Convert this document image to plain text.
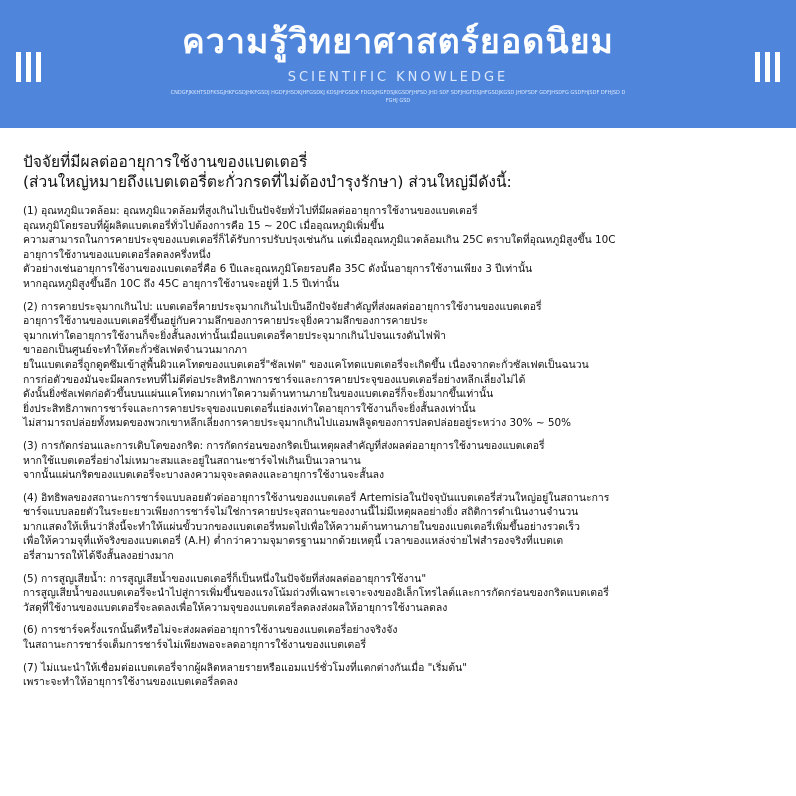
ความรู้วิทยาศาสตร์ยอดนิยม
SCIENTIFIC KNOWLEDGE
CNDGFJKKHTSDFKSGJHKFGSDJHKFGSDJ HGDFJHSDKJHFGSDKJ KDSJHFGSDK FDGSJHGFDSJKGSDFJHFSD JHD SDF SDFJHGFDSJHFGSDJKGSD JHDFSDF GDFJHSDFG GSDFHJSDF DFHJSD DFGHJ GSD
ปัจจัยที่มีผลต่ออายุการใช้งานของแบตเตอรี่
(ส่วนใหญ่หมายถึงแบตเตอรี่ตะกั่วกรดที่ไม่ต้องบำรุงรักษา) ส่วนใหญ่มีดังนี้:
(1) อุณหภูมิแวดล้อม: อุณหภูมิแวดล้อมที่สูงเกินไปเป็นปัจจัยทั่วไปที่มีผลต่ออายุการใช้งานของแบตเตอรี่
อุณหภูมิโดยรอบที่ผู้ผลิตแบตเตอรี่ทั่วไปต้องการคือ 15 ~ 20C เมื่ออุณหภูมิเพิ่มขึ้น
ความสามารถในการคายประจุของแบตเตอรี่ก็ได้รับการปรับปรุงเช่นกัน แต่เมื่ออุณหภูมิแวดล้อมเกิน 25C ตราบใดที่อุณหภูมิสูงขึ้น 10C
อายุการใช้งานของแบตเตอรี่ลดลงครึ่งหนึ่ง
ตัวอย่างเช่นอายุการใช้งานของแบตเตอรี่คือ 6 ปีและอุณหภูมิโดยรอบคือ 35C ดังนั้นอายุการใช้งานเพียง 3 ปีเท่านั้น
หากอุณหภูมิสูงขึ้นอีก 10C ถึง 45C อายุการใช้งานจะอยู่ที่ 1.5 ปีเท่านั้น
(2) การคายประจุมากเกินไป: แบตเตอรี่คายประจุมากเกินไปเป็นอีกปัจจัยสำคัญที่ส่งผลต่ออายุการใช้งานของแบตเตอรี่
อายุการใช้งานของแบตเตอรี่ขึ้นอยู่กับความลึกของการคายประจุยิ่งความลึกของการคายประ
จุมากเท่าใดอายุการใช้งานก็จะยิ่งสั้นลงเท่านั้นเมื่อแบตเตอรี่คายประจุมากเกินไปจนแรงดันไฟฟ้า
ขาออกเป็นศูนย์จะทำให้ตะกั่วซัลเฟตจำนวนมากภา
ยในแบตเตอรี่ถูกดูดซึมเข้าสู่พื้นผิวแคโทดของแบตเตอรี่"ซัลเฟต" ของแคโทดแบตเตอรี่จะเกิดขึ้น เนื่องจากตะกั่วซัลเฟตเป็นฉนวน
การก่อตัวของมันจะมีผลกระทบที่ไม่ดีต่อประสิทธิภาพการชาร์จและการคายประจุของแบตเตอรี่อย่างหลีกเลี่ยงไม่ได้
ดังนั้นยิ่งซัลเฟตก่อตัวขึ้นบนแผ่นแคโทดมากเท่าใดความต้านทานภายในของแบตเตอรี่ก็จะยิ่งมากขึ้นเท่านั้น
ยิ่งประสิทธิภาพการชาร์จและการคายประจุของแบตเตอรี่แย่ลงเท่าใดอายุการใช้งานก็จะยิ่งสั้นลงเท่านั้น
ไม่สามารถปล่อยทั้งหมดของพวกเขาหลีกเลี่ยงการคายประจุมากเกินไปแอมพลิจูดของการปลดปล่อยอยู่ระหว่าง 30% ~ 50%
(3) การกัดกร่อนและการเติบโตของกริด: การกัดกร่อนของกริดเป็นเหตุผลสำคัญที่ส่งผลต่ออายุการใช้งานของแบตเตอรี่
หากใช้แบตเตอรี่อย่างไม่เหมาะสมและอยู่ในสถานะชาร์จไฟเกินเป็นเวลานาน
จากนั้นแผ่นกริดของแบตเตอรี่จะบางลงความจุจะลดลงและอายุการใช้งานจะสั้นลง
(4) อิทธิพลของสถานะการชาร์จแบบลอยตัวต่ออายุการใช้งานของแบตเตอรี่ Artemisiaในปัจจุบันแบตเตอรี่ส่วนใหญ่อยู่ในสถานะการ
ชาร์จแบบลอยตัวในระยะยาวเพียงการชาร์จไม่ใช่การคายประจุสถานะของงานนี้ไม่มีเหตุผลอย่างยิ่ง สถิติการดำเนินงานจำนวน
มากแสดงให้เห็นว่าสิ่งนี้จะทำให้แผ่นขั้วบวกของแบตเตอรี่หมดไปเพื่อให้ความต้านทานภายในของแบตเตอรี่เพิ่มขึ้นอย่างรวดเร็ว
เพื่อให้ความจุที่แท้จริงของแบตเตอรี่ (A.H) ต่ำกว่าความจุมาตรฐานมากด้วยเหตุนี้ เวลาของแหล่งจ่ายไฟสำรองจริงที่แบตเต
อรี่สามารถให้ได้จึงสั้นลงอย่างมาก
(5) การสูญเสียน้ำ: การสูญเสียน้ำของแบตเตอรี่ก็เป็นหนึ่งในปัจจัยที่ส่งผลต่ออายุการใช้งาน"
การสูญเสียน้ำของแบตเตอรี่จะนำไปสู่การเพิ่มขึ้นของแรงโน้มถ่วงที่เฉพาะเจาะจงของอิเล็กโทรไลต์และการกัดกร่อนของกริดแบตเตอรี่
วัสดุที่ใช้งานของแบตเตอรี่จะลดลงเพื่อให้ความจุของแบตเตอรี่ลดลงส่งผลให้อายุการใช้งานลดลง
(6) การชาร์จครั้งแรกนั้นดีหรือไม่จะส่งผลต่ออายุการใช้งานของแบตเตอรี่อย่างจริงจัง
ในสถานะการชาร์จเต็มการชาร์จไม่เพียงพอจะลดอายุการใช้งานของแบตเตอรี่
(7) ไม่แนะนำให้เชื่อมต่อแบตเตอรี่จากผู้ผลิตหลายรายหรือแอมแปร์ชั่วโมงที่แตกต่างกันเมื่อ "เริ่มต้น"
เพราะจะทำให้อายุการใช้งานของแบตเตอรี่ลดลง
